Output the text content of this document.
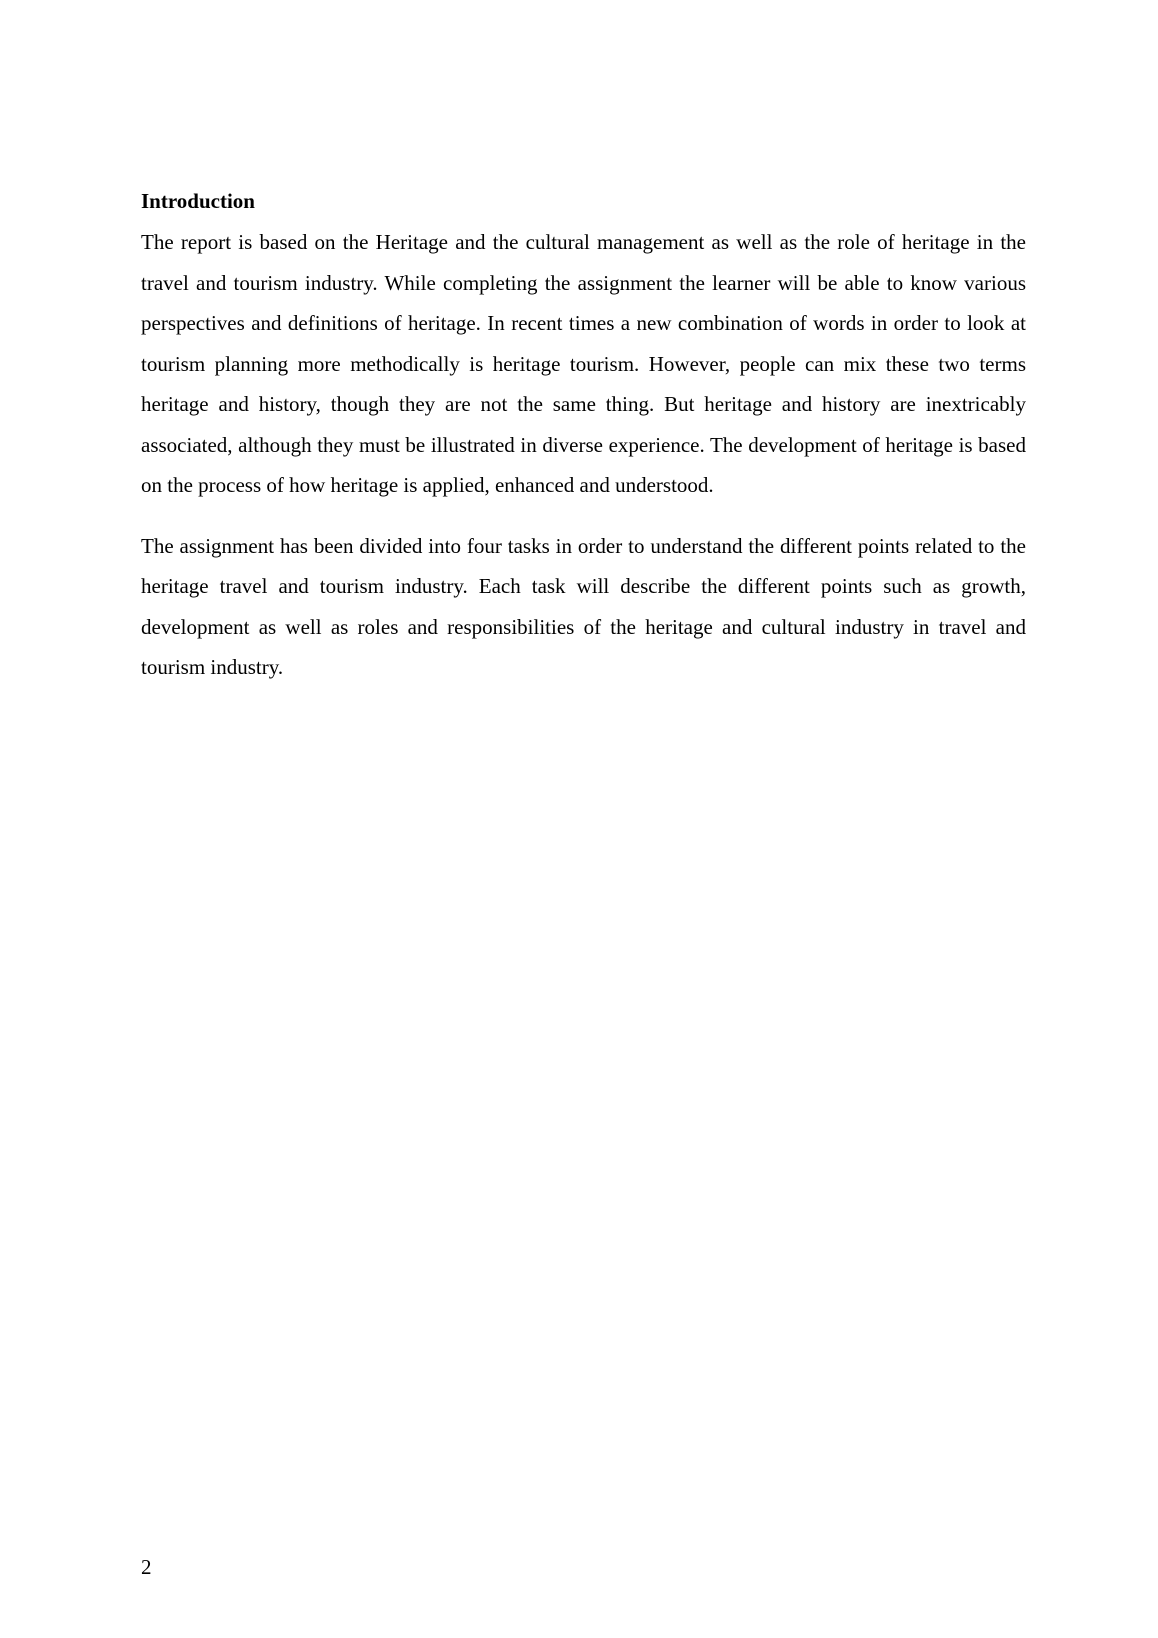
Introduction

The report is based on the Heritage and the cultural management as well as the role of heritage in the travel and tourism industry. While completing the assignment the learner will be able to know various perspectives and definitions of heritage. In recent times a new combination of words in order to look at tourism planning more methodically is heritage tourism. However, people can mix these two terms heritage and history, though they are not the same thing. But heritage and history are inextricably associated, although they must be illustrated in diverse experience. The development of heritage is based on the process of how heritage is applied, enhanced and understood.

The assignment has been divided into four tasks in order to understand the different points related to the heritage travel and tourism industry. Each task will describe the different points such as growth, development as well as roles and responsibilities of the heritage and cultural industry in travel and tourism industry.

2
